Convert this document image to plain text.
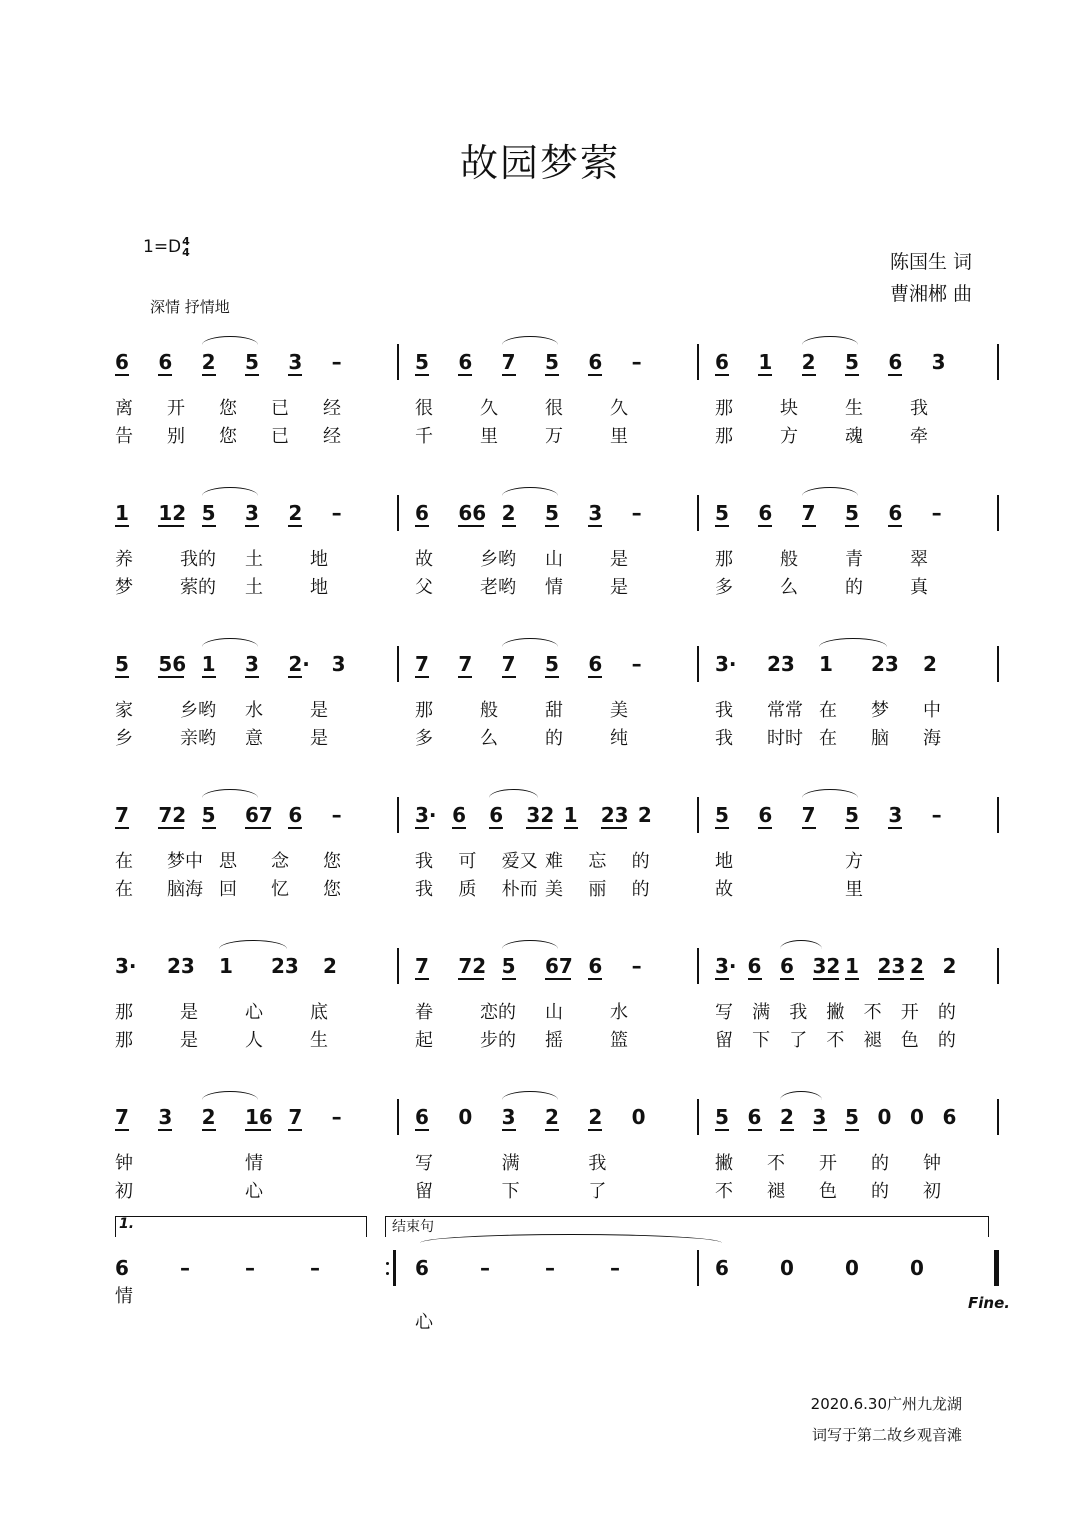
故园梦萦
1=D4
4
深情 抒情地
陈国生 词
曹湘郴 曲
6 6 2 5 3 –
离 开 您 已 经
告 别 您 已 经
5 6 7 5 6 –
很	久	很	久
千	里	万	里
6 1 2 5 6 3
那	块	生	我
那	方	魂	牵
1 12 5 3 2 –
养	我的 土	地
梦	萦的 土	地
6 66 2 5 3 –
故	乡哟 山	是
父	老哟 情	是
5 6 7 5 6 –
那	般	青	翠
多	么	的	真
5 56 1 3 2· 3
家	乡哟 水	是
乡	亲哟 意	是
7 7 7 5 6 –
那	般	甜	美
多	么	的	纯
3· 23 1 23 2
我 常常 在 梦 中
我 时时 在 脑 海
7 72 5 67 6 –
在 梦中 思 念 您
在 脑海 回 忆 您
3· 6 6 32 1 23 2
我 可 爱又 难 忘 的
我 质 朴而 美 丽 的
5 6 7 5 3 –
地	方
故	里
3· 23 1 23 2
那	是	心	底
那	是	人	生
7 72 5 67 6 –
眷	恋的 山	水
起	步的 摇	篮
3· 6 6 32 1 23 2 2
写 满 我 撇 不 开 的
留 下 了 不 褪 色 的
7 3 2 16 7 –
钟	情
初	心
6 0 3 2 2 0
写	满	我
留	下	了
5 6 2 3 5 0 0 6
撇 不 开 的 钟
不 褪 色 的 初
6	–	–	–
情
6	–	–	–
心
6	0	0	0
1.	结束句
Fine.
2020.6.30广州九龙湖
词写于第二故乡观音滩
